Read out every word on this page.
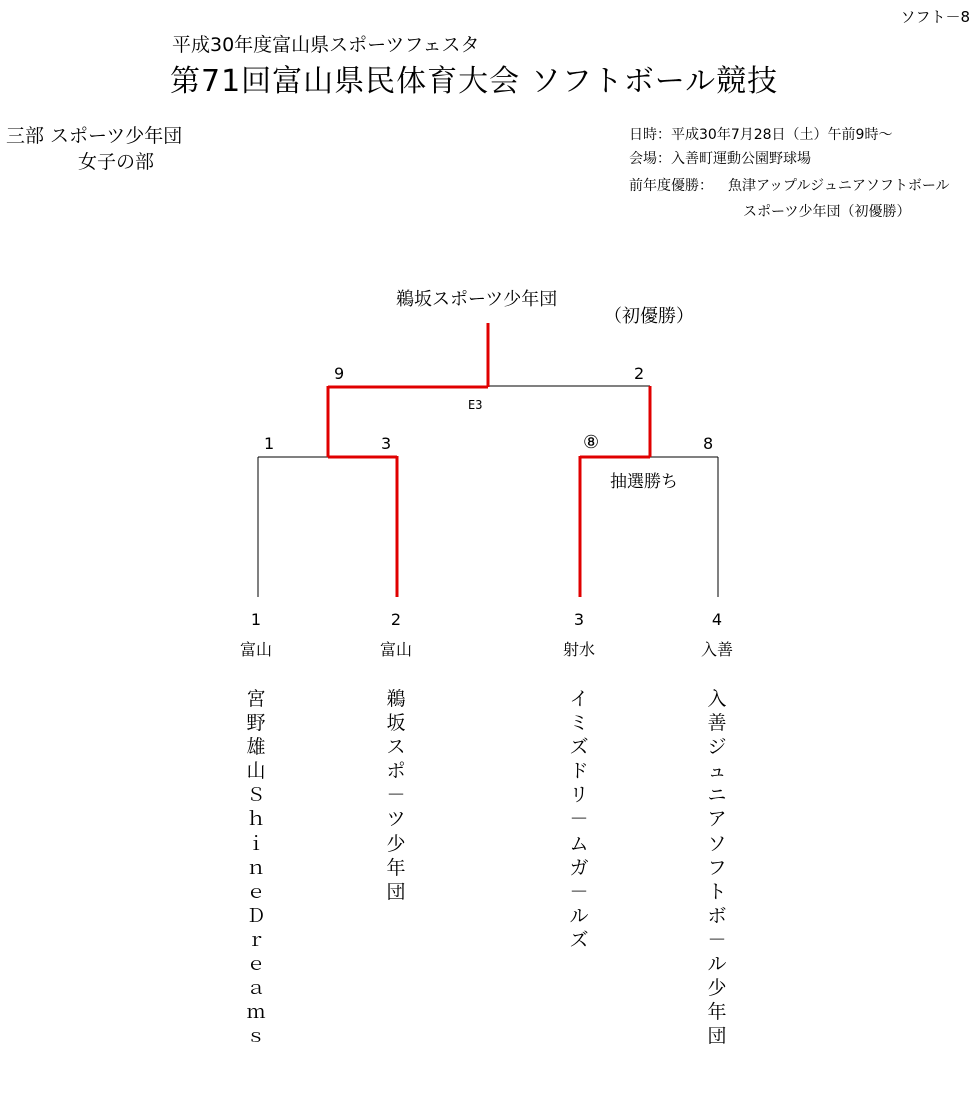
ソフト－8
平成30年度富山県スポーツフェスタ
第71回富山県民体育大会 ソフトボール競技
三部 スポーツ少年団
女子の部
日時：平成30年7月28日（土）午前9時～
会場：入善町運動公園野球場
前年度優勝： 魚津アップルジュニアソフトボール
スポーツ少年団（初優勝）
鵜坂スポーツ少年団
（初優勝）
9	2
E3
1	3	⑧	8
抽選勝ち
1	2	3	4
富山	富山	射水	入善
宮野雄山Ｓｈｉｎｅ　Ｄｒｅａｍｓ
鵜坂スポ－ツ少年団
イミズ　ドリ－ムガ－ルズ
入善ジュニアソフトボ－ル少年団
